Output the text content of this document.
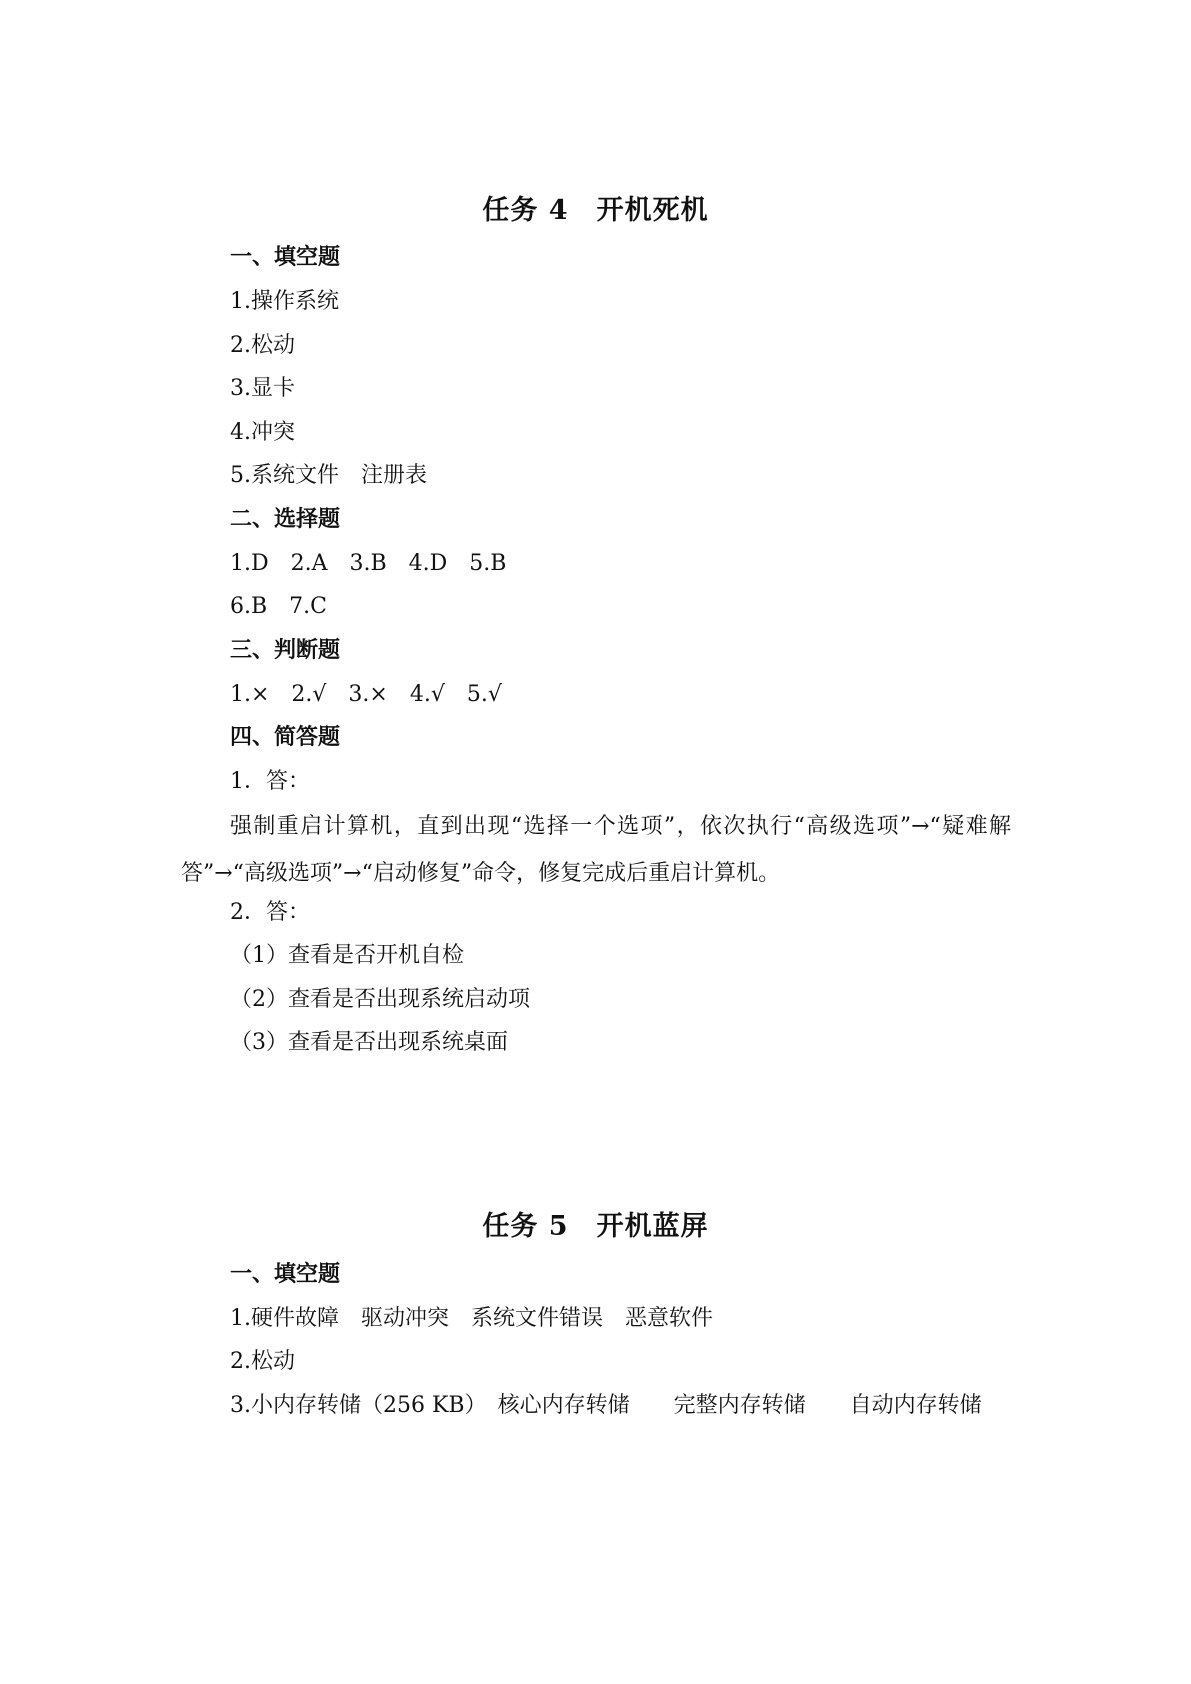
任务 4　开机死机
一、填空题
1.操作系统
2.松动
3.显卡
4.冲突
5.系统文件　注册表
二、选择题
1.D　2.A　3.B　4.D　5.B
6.B　7.C
三、判断题
1.×　2.√　3.×　4.√　5.√
四、简答题
1．答：
强制重启计算机，直到出现“选择一个选项”，依次执行“高级选项”→“疑难解答”→“高级选项”→“启动修复”命令，修复完成后重启计算机。
2．答：
（1）查看是否开机自检
（2）查看是否出现系统启动项
（3）查看是否出现系统桌面
任务 5　开机蓝屏
一、填空题
1.硬件故障　驱动冲突　系统文件错误　恶意软件
2.松动
3.小内存转储（256 KB）　核心内存转储　　完整内存转储　　自动内存转储
